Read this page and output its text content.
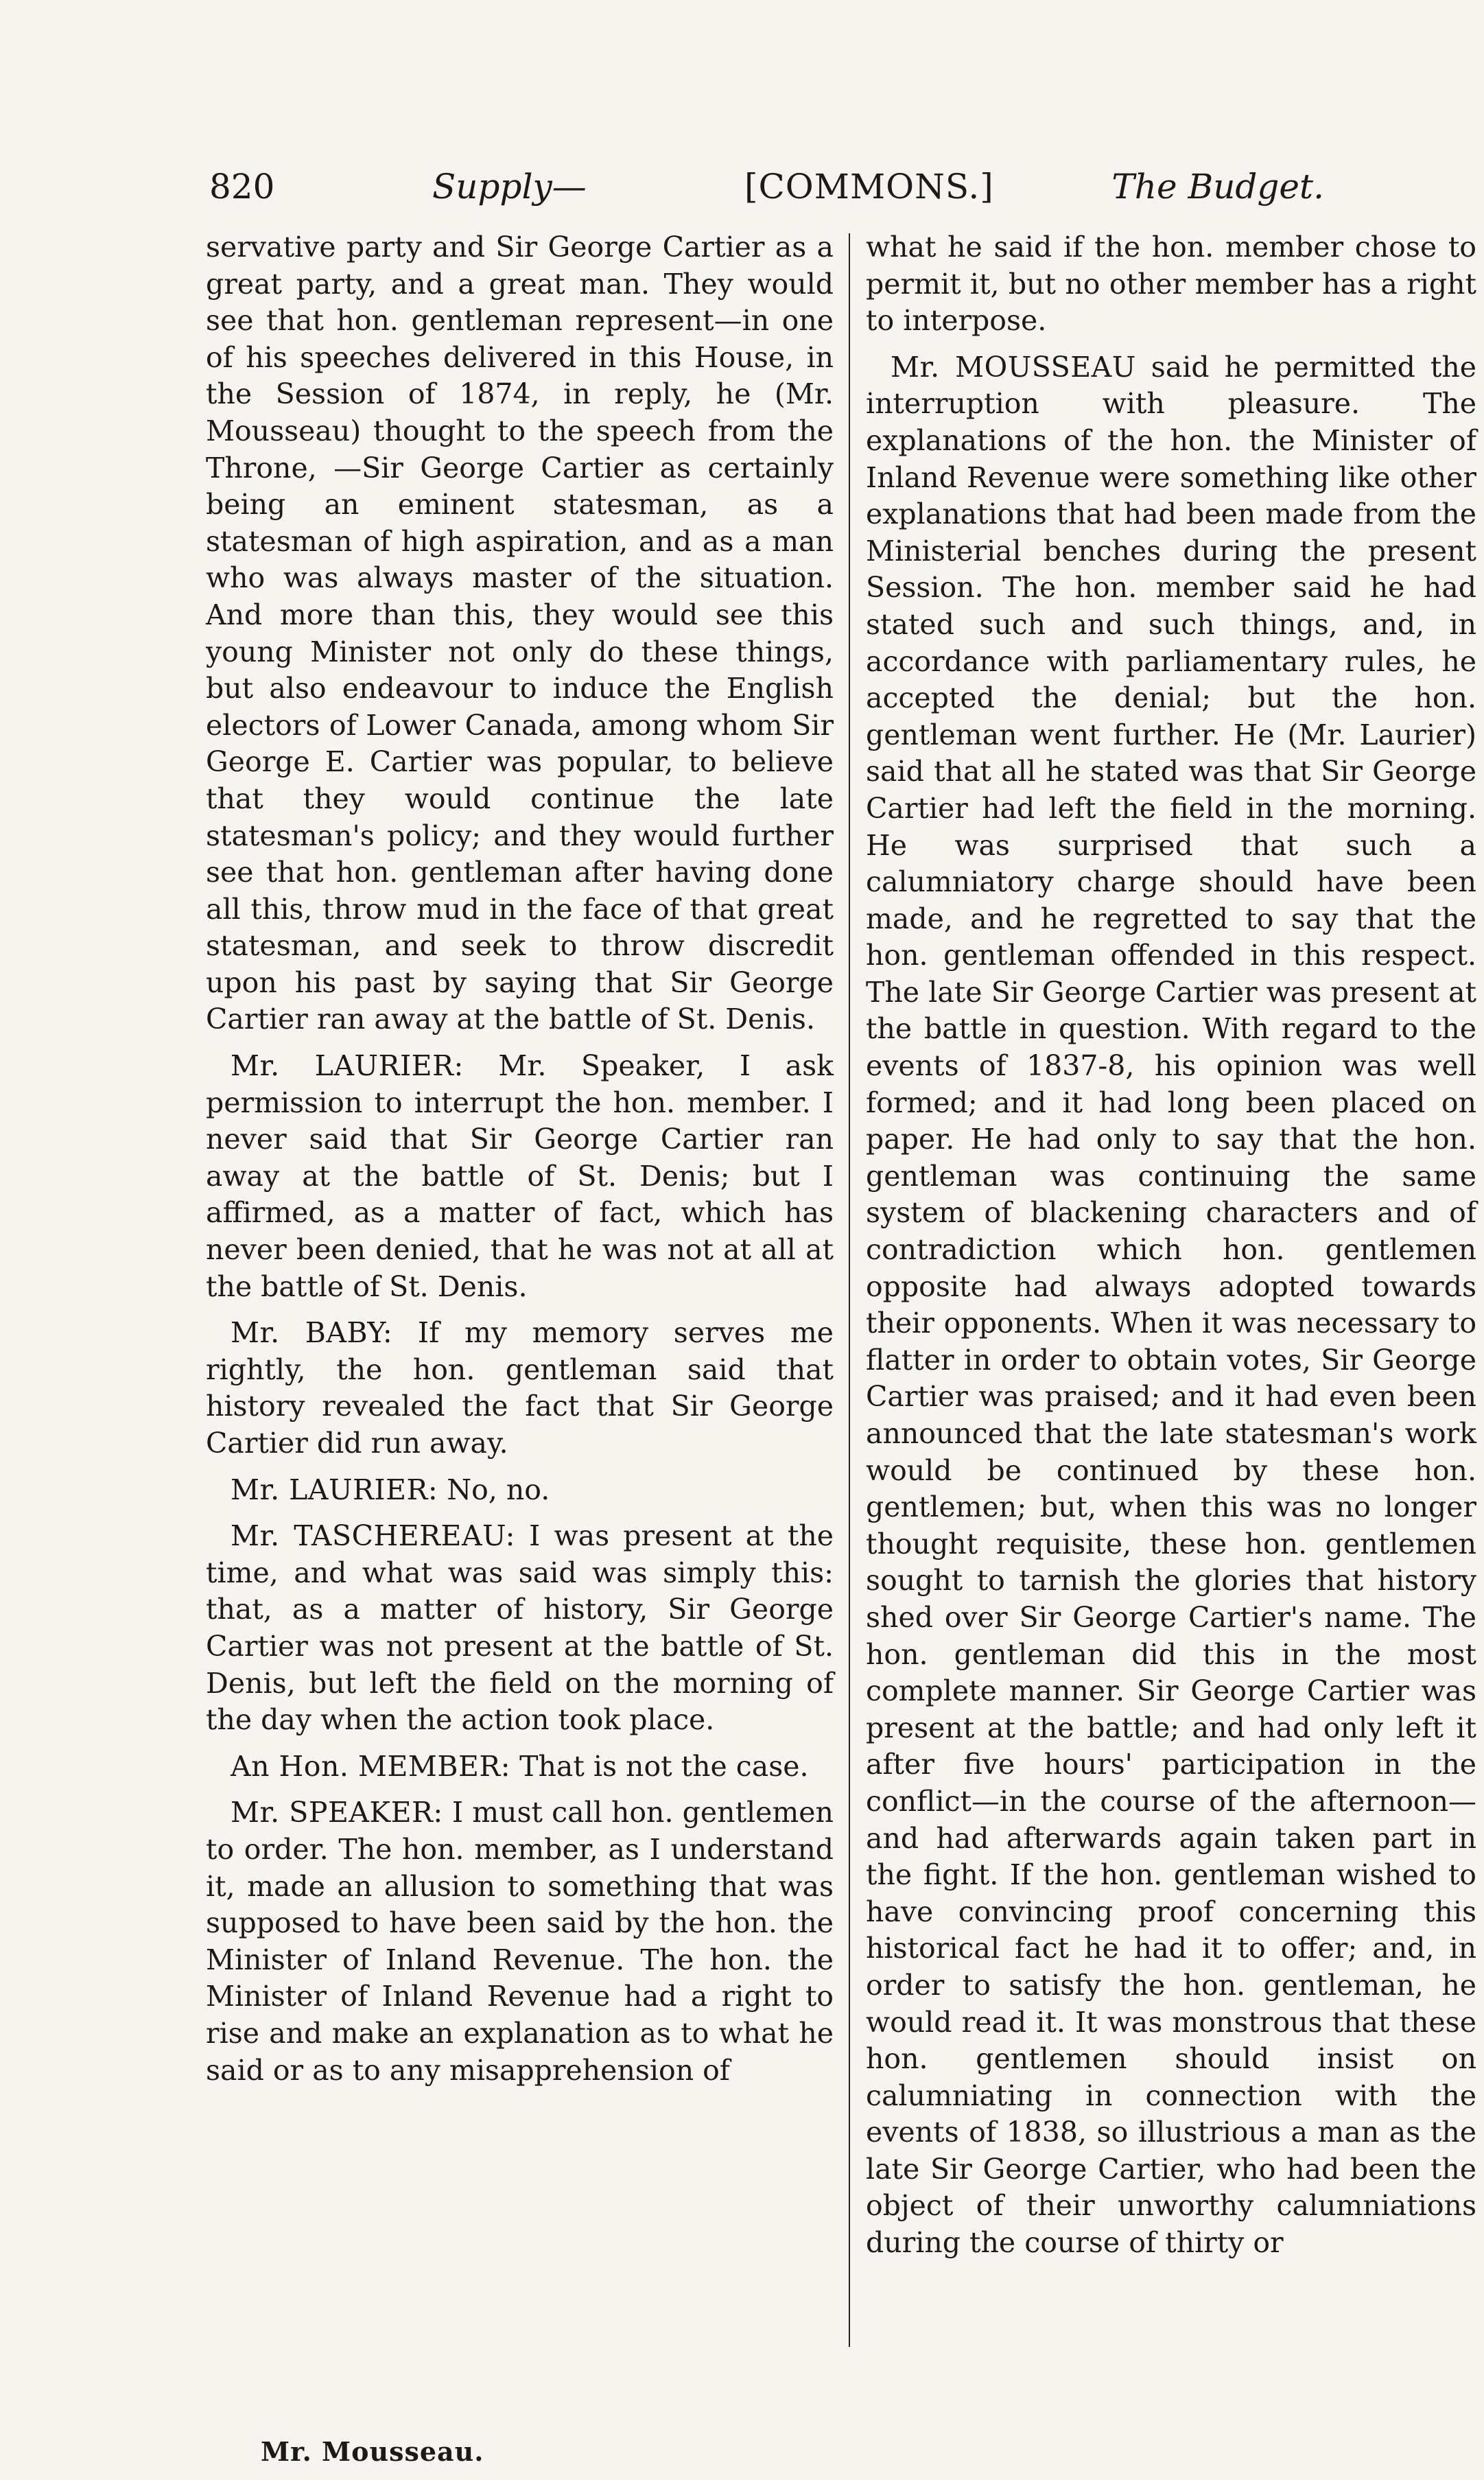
820	Supply—	[COMMONS.]	The Budget.

servative party and Sir George Cartier as a great party, and a great man. They would see that hon. gentleman represent—in one of his speeches delivered in this House, in the Session of 1874, in reply, he (Mr. Mousseau) thought to the speech from the Throne, —Sir George Cartier as certainly being an eminent statesman, as a statesman of high aspiration, and as a man who was always master of the situation. And more than this, they would see this young Minister not only do these things, but also endeavour to induce the English electors of Lower Canada, among whom Sir George E. Cartier was popular, to believe that they would continue the late statesman's policy; and they would further see that hon. gentleman after having done all this, throw mud in the face of that great statesman, and seek to throw discredit upon his past by saying that Sir George Cartier ran away at the battle of St. Denis.

Mr. LAURIER: Mr. Speaker, I ask permission to interrupt the hon. member. I never said that Sir George Cartier ran away at the battle of St. Denis; but I affirmed, as a matter of fact, which has never been denied, that he was not at all at the battle of St. Denis.

Mr. BABY: If my memory serves me rightly, the hon. gentleman said that history revealed the fact that Sir George Cartier did run away.

Mr. LAURIER: No, no.

Mr. TASCHEREAU: I was present at the time, and what was said was simply this: that, as a matter of history, Sir George Cartier was not present at the battle of St. Denis, but left the field on the morning of the day when the action took place.

An Hon. MEMBER: That is not the case.

Mr. SPEAKER: I must call hon. gentlemen to order. The hon. member, as I understand it, made an allusion to something that was supposed to have been said by the hon. the Minister of Inland Revenue. The hon. the Minister of Inland Revenue had a right to rise and make an explanation as to what he said or as to any misapprehension of

what he said if the hon. member chose to permit it, but no other member has a right to interpose.

Mr. MOUSSEAU said he permitted the interruption with pleasure. The explanations of the hon. the Minister of Inland Revenue were something like other explanations that had been made from the Ministerial benches during the present Session. The hon. member said he had stated such and such things, and, in accordance with parliamentary rules, he accepted the denial; but the hon. gentleman went further. He (Mr. Laurier) said that all he stated was that Sir George Cartier had left the field in the morning. He was surprised that such a calumniatory charge should have been made, and he regretted to say that the hon. gentleman offended in this respect. The late Sir George Cartier was present at the battle in question. With regard to the events of 1837-8, his opinion was well formed; and it had long been placed on paper. He had only to say that the hon. gentleman was continuing the same system of blackening characters and of contradiction which hon. gentlemen opposite had always adopted towards their opponents. When it was necessary to flatter in order to obtain votes, Sir George Cartier was praised; and it had even been announced that the late statesman's work would be continued by these hon. gentlemen; but, when this was no longer thought requisite, these hon. gentlemen sought to tarnish the glories that history shed over Sir George Cartier's name. The hon. gentleman did this in the most complete manner. Sir George Cartier was present at the battle; and had only left it after five hours' participation in the conflict—in the course of the afternoon—and had afterwards again taken part in the fight. If the hon. gentleman wished to have convincing proof concerning this historical fact he had it to offer; and, in order to satisfy the hon. gentleman, he would read it. It was monstrous that these hon. gentlemen should insist on calumniating in connection with the events of 1838, so illustrious a man as the late Sir George Cartier, who had been the object of their unworthy calumniations during the course of thirty or

Mr. Mousseau.
